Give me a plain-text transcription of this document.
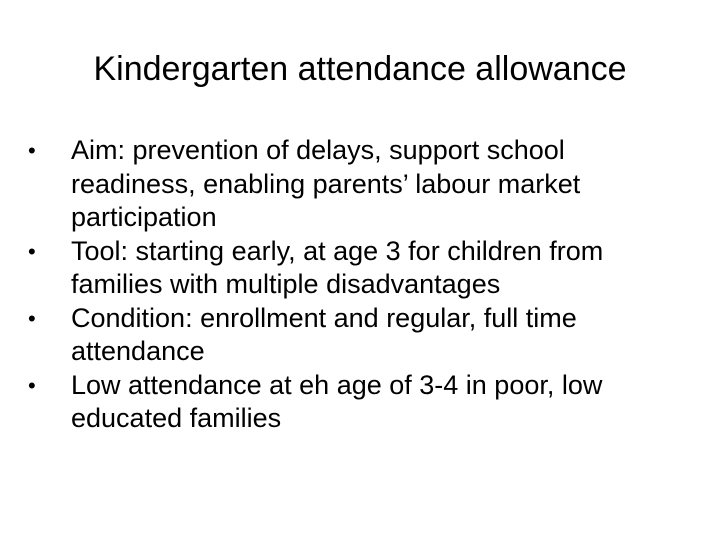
Kindergarten attendance allowance
•	Aim: prevention of delays, support school readiness, enabling parents’ labour market participation
•	Tool: starting early, at age 3 for children from families with multiple disadvantages
•	Condition: enrollment and regular, full time attendance
•	Low attendance at eh age of 3-4 in poor, low educated families
